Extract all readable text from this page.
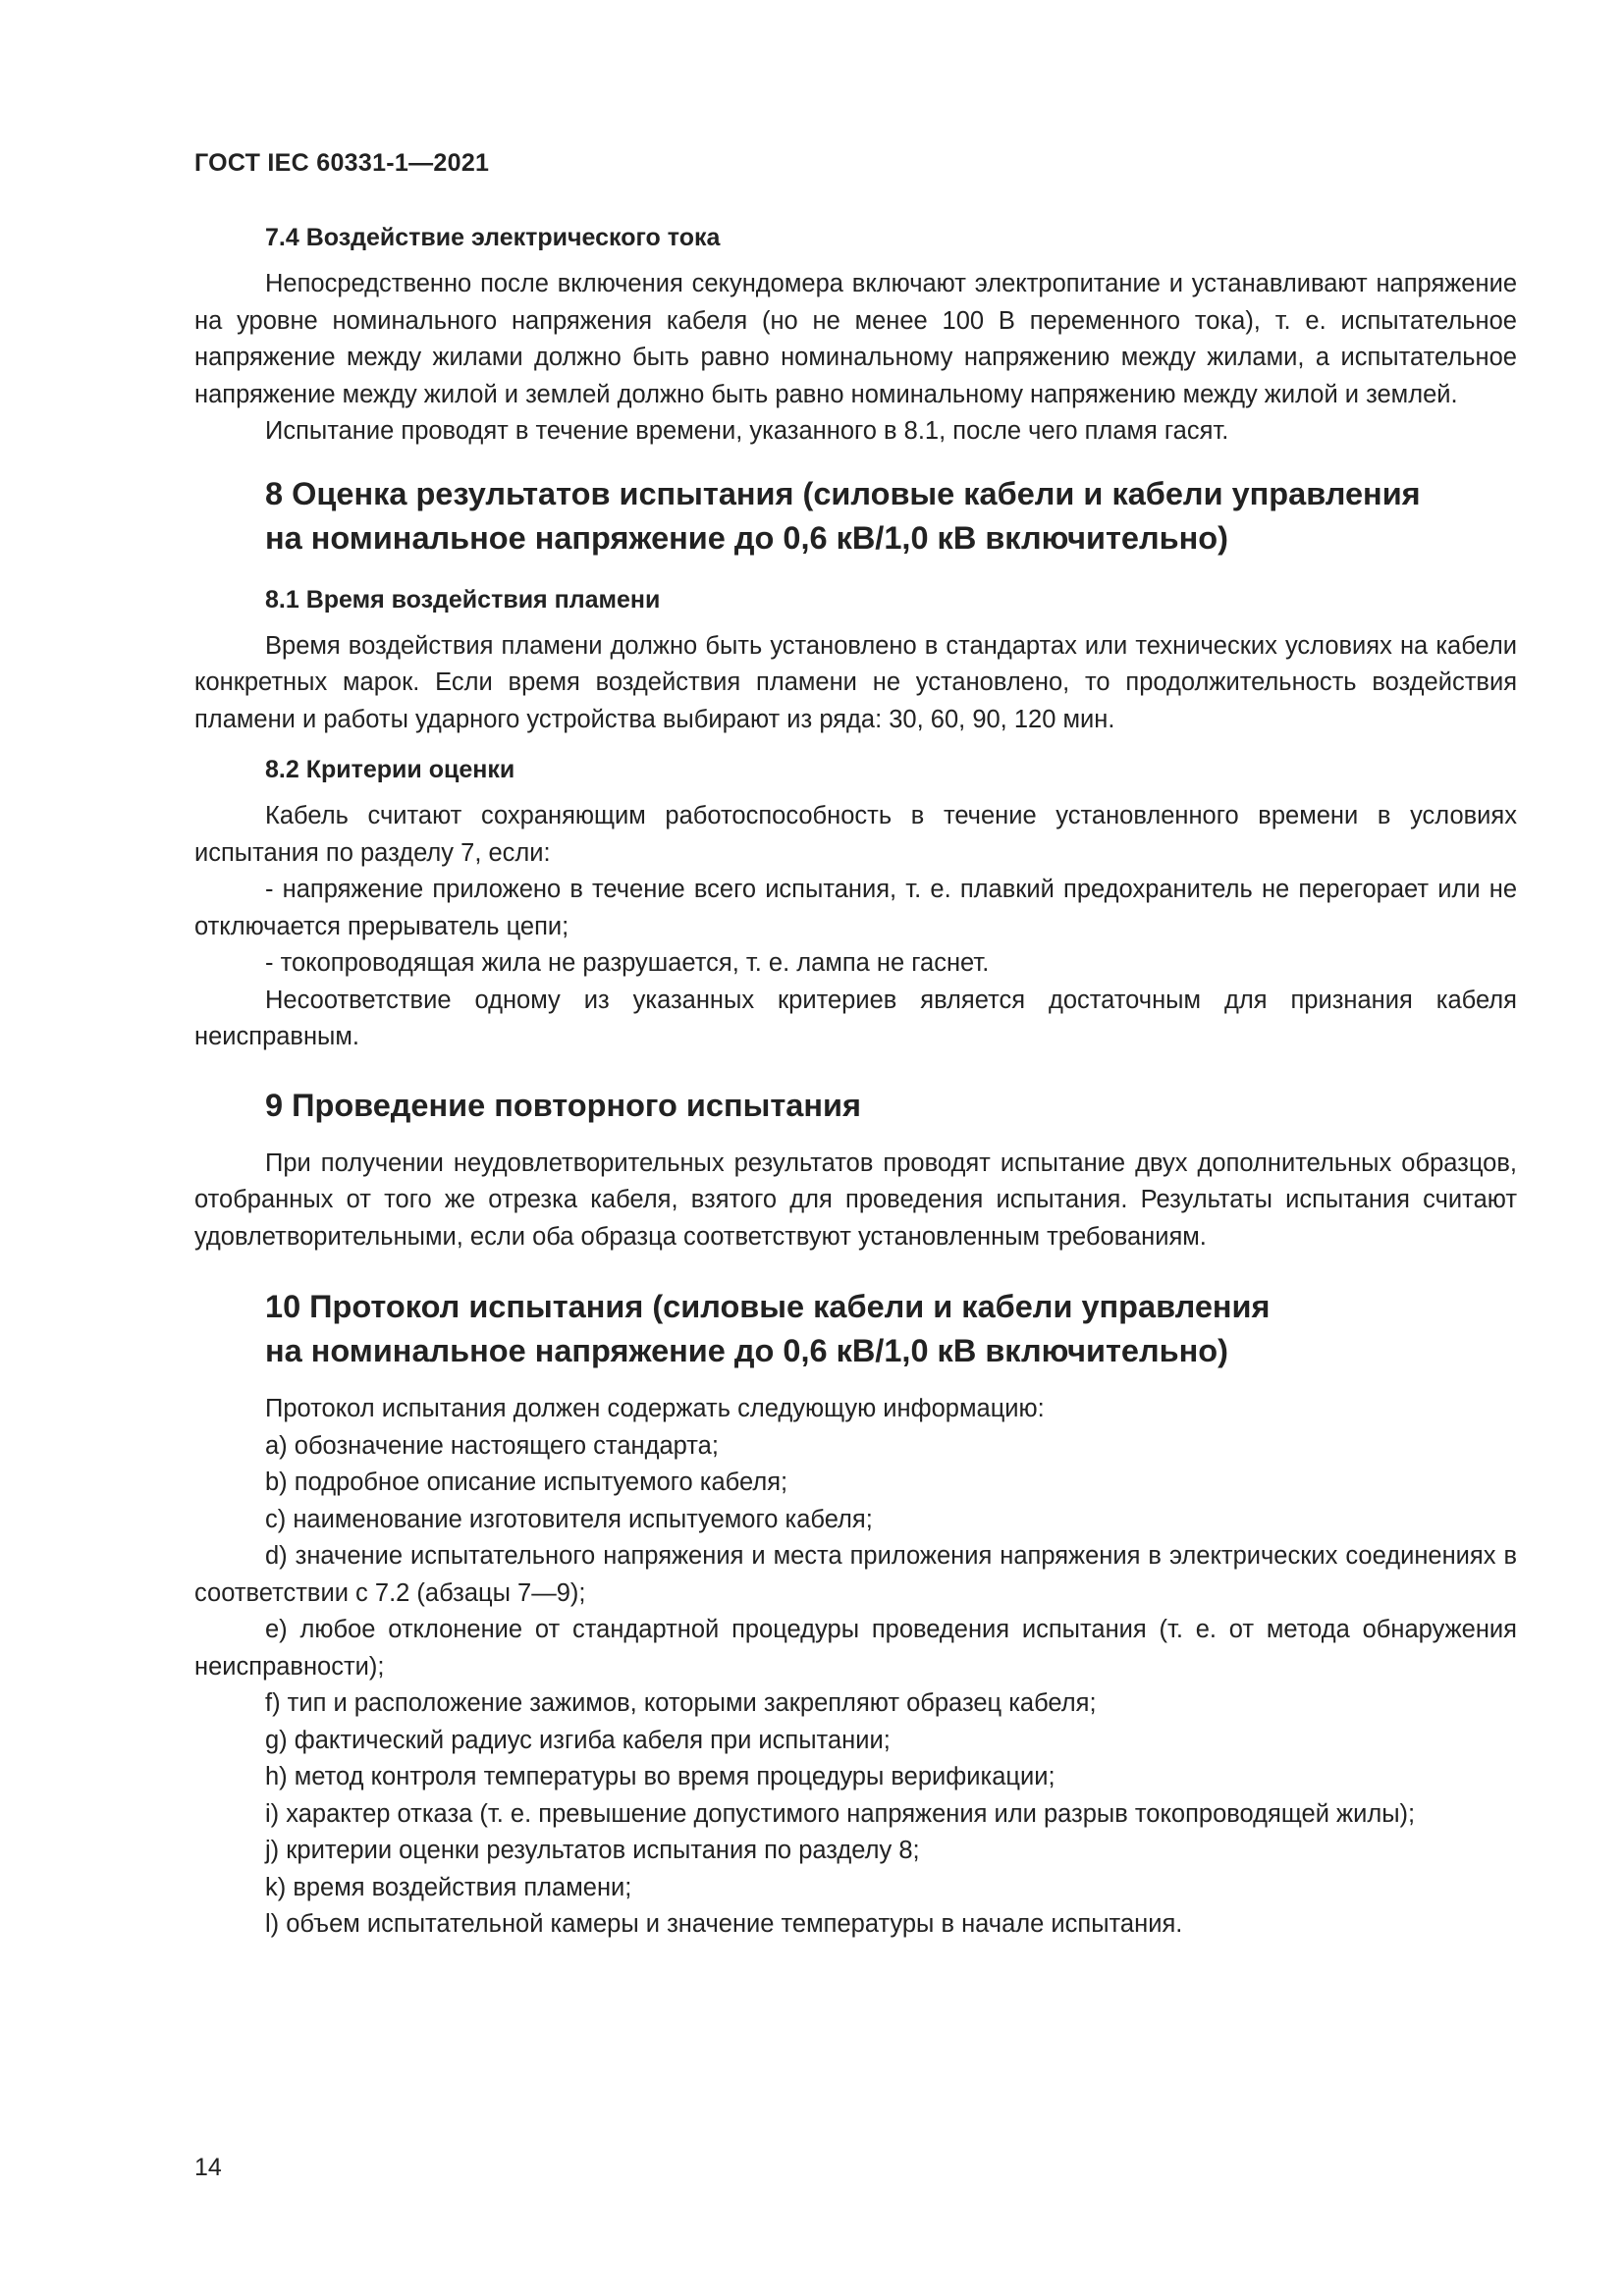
ГОСТ IEC 60331-1—2021

7.4 Воздействие электрического тока

Непосредственно после включения секундомера включают электропитание и устанавливают напряжение на уровне номинального напряжения кабеля (но не менее 100 В переменного тока), т. е. испытательное напряжение между жилами должно быть равно номинальному напряжению между жилами, а испытательное напряжение между жилой и землей должно быть равно номинальному напряжению между жилой и землей.

Испытание проводят в течение времени, указанного в 8.1, после чего пламя гасят.

8 Оценка результатов испытания (силовые кабели и кабели управления
на номинальное напряжение до 0,6 кВ/1,0 кВ включительно)

8.1 Время воздействия пламени

Время воздействия пламени должно быть установлено в стандартах или технических условиях на кабели конкретных марок. Если время воздействия пламени не установлено, то продолжительность воздействия пламени и работы ударного устройства выбирают из ряда: 30, 60, 90, 120 мин.

8.2 Критерии оценки

Кабель считают сохраняющим работоспособность в течение установленного времени в условиях испытания по разделу 7, если:

- напряжение приложено в течение всего испытания, т. е. плавкий предохранитель не перегорает или не отключается прерыватель цепи;

- токопроводящая жила не разрушается, т. е. лампа не гаснет.

Несоответствие одному из указанных критериев является достаточным для признания кабеля неисправным.

9 Проведение повторного испытания

При получении неудовлетворительных результатов проводят испытание двух дополнительных образцов, отобранных от того же отрезка кабеля, взятого для проведения испытания. Результаты испытания считают удовлетворительными, если оба образца соответствуют установленным требованиям.

10 Протокол испытания (силовые кабели и кабели управления
на номинальное напряжение до 0,6 кВ/1,0 кВ включительно)

Протокол испытания должен содержать следующую информацию:

а) обозначение настоящего стандарта;

b) подробное описание испытуемого кабеля;

c) наименование изготовителя испытуемого кабеля;

d) значение испытательного напряжения и места приложения напряжения в электрических соединениях в соответствии с 7.2 (абзацы 7—9);

e) любое отклонение от стандартной процедуры проведения испытания (т. е. от метода обнаружения неисправности);

f) тип и расположение зажимов, которыми закрепляют образец кабеля;

g) фактический радиус изгиба кабеля при испытании;

h) метод контроля температуры во время процедуры верификации;

i) характер отказа (т. е. превышение допустимого напряжения или разрыв токопроводящей жилы);

j) критерии оценки результатов испытания по разделу 8;

k) время воздействия пламени;

l) объем испытательной камеры и значение температуры в начале испытания.

14
